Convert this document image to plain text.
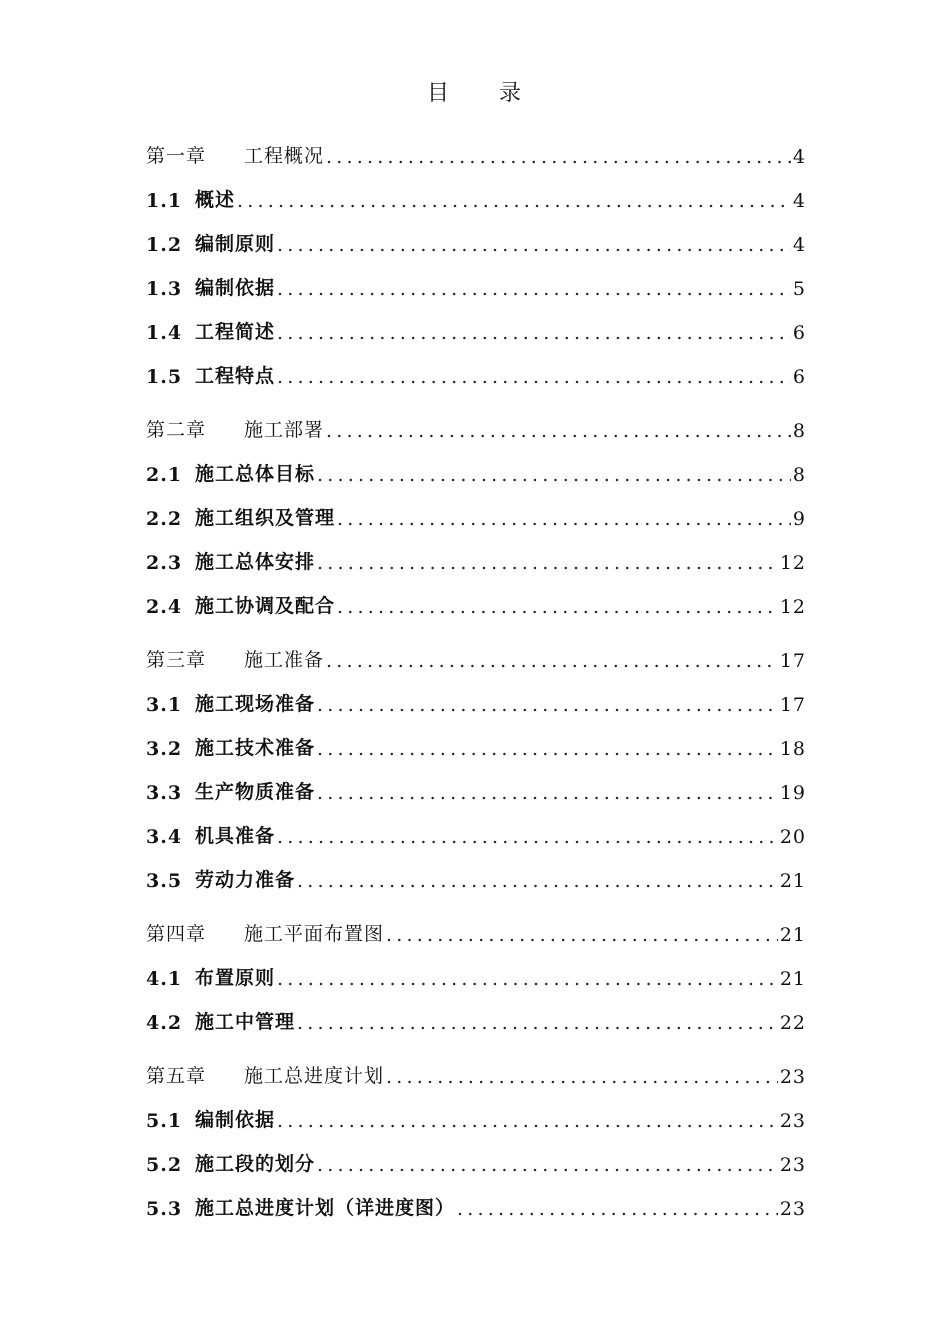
目 录
第一章	工程概况 .....	4
1.1 概述 .....	4
1.2 编制原则 .....	4
1.3 编制依据 .....	5
1.4 工程简述 .....	6
1.5 工程特点 .....	6
第二章	施工部署 .....	8
2.1 施工总体目标 .....	8
2.2 施工组织及管理 .....	9
2.3 施工总体安排 .....	12
2.4 施工协调及配合 .....	12
第三章	施工准备 .....	17
3.1 施工现场准备 .....	17
3.2 施工技术准备 .....	18
3.3 生产物质准备 .....	19
3.4 机具准备 .....	20
3.5 劳动力准备 .....	21
第四章	施工平面布置图 .....	21
4.1 布置原则 .....	21
4.2 施工中管理 .....	22
第五章	施工总进度计划 .....	23
5.1 编制依据 .....	23
5.2 施工段的划分 .....	23
5.3 施工总进度计划（详进度图） .....	23
